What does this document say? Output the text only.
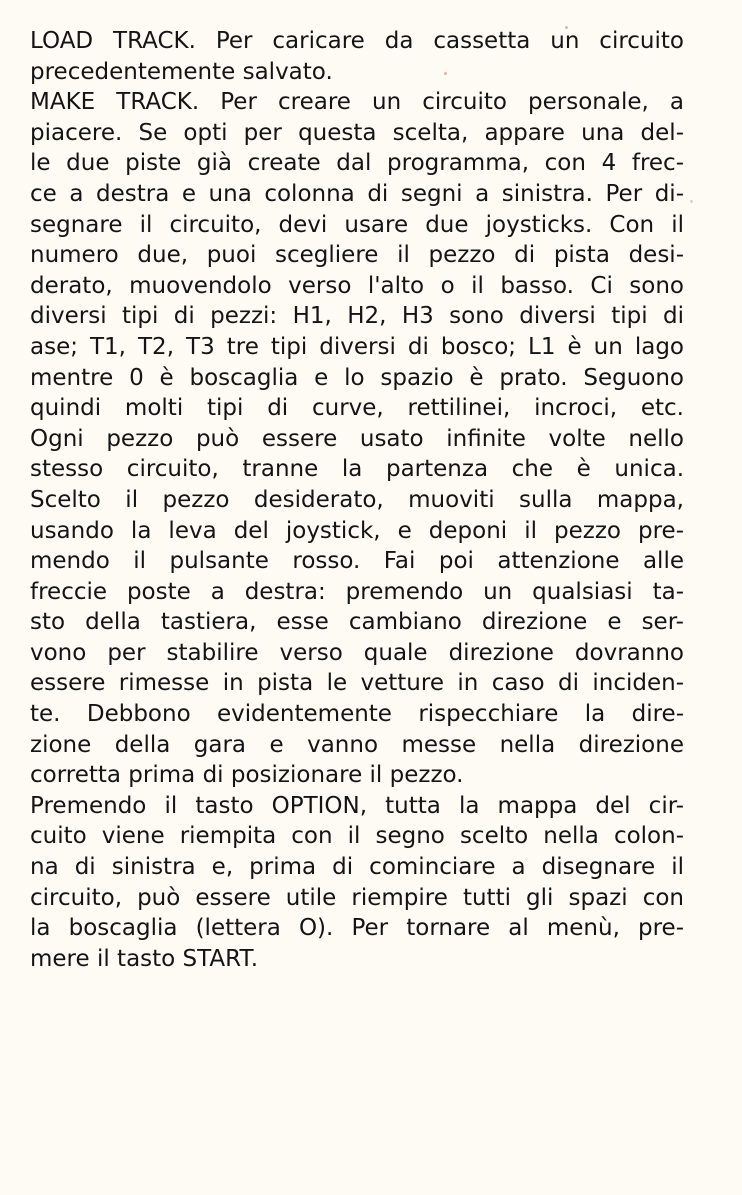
LOAD TRACK. Per caricare da cassetta un circuito
precedentemente salvato.
MAKE TRACK. Per creare un circuito personale, a
piacere. Se opti per questa scelta, appare una del-
le due piste già create dal programma, con 4 frec-
ce a destra e una colonna di segni a sinistra. Per di-
segnare il circuito, devi usare due joysticks. Con il
numero due, puoi scegliere il pezzo di pista desi-
derato, muovendolo verso l'alto o il basso. Ci sono
diversi tipi di pezzi: H1, H2, H3 sono diversi tipi di
ase; T1, T2, T3 tre tipi diversi di bosco; L1 è un lago
mentre 0 è boscaglia e lo spazio è prato. Seguono
quindi molti tipi di curve, rettilinei, incroci, etc.
Ogni pezzo può essere usato infinite volte nello
stesso circuito, tranne la partenza che è unica.
Scelto il pezzo desiderato, muoviti sulla mappa,
usando la leva del joystick, e deponi il pezzo pre-
mendo il pulsante rosso. Fai poi attenzione alle
freccie poste a destra: premendo un qualsiasi ta-
sto della tastiera, esse cambiano direzione e ser-
vono per stabilire verso quale direzione dovranno
essere rimesse in pista le vetture in caso di inciden-
te. Debbono evidentemente rispecchiare la dire-
zione della gara e vanno messe nella direzione
corretta prima di posizionare il pezzo.
Premendo il tasto OPTION, tutta la mappa del cir-
cuito viene riempita con il segno scelto nella colon-
na di sinistra e, prima di cominciare a disegnare il
circuito, può essere utile riempire tutti gli spazi con
la boscaglia (lettera O). Per tornare al menù, pre-
mere il tasto START.
